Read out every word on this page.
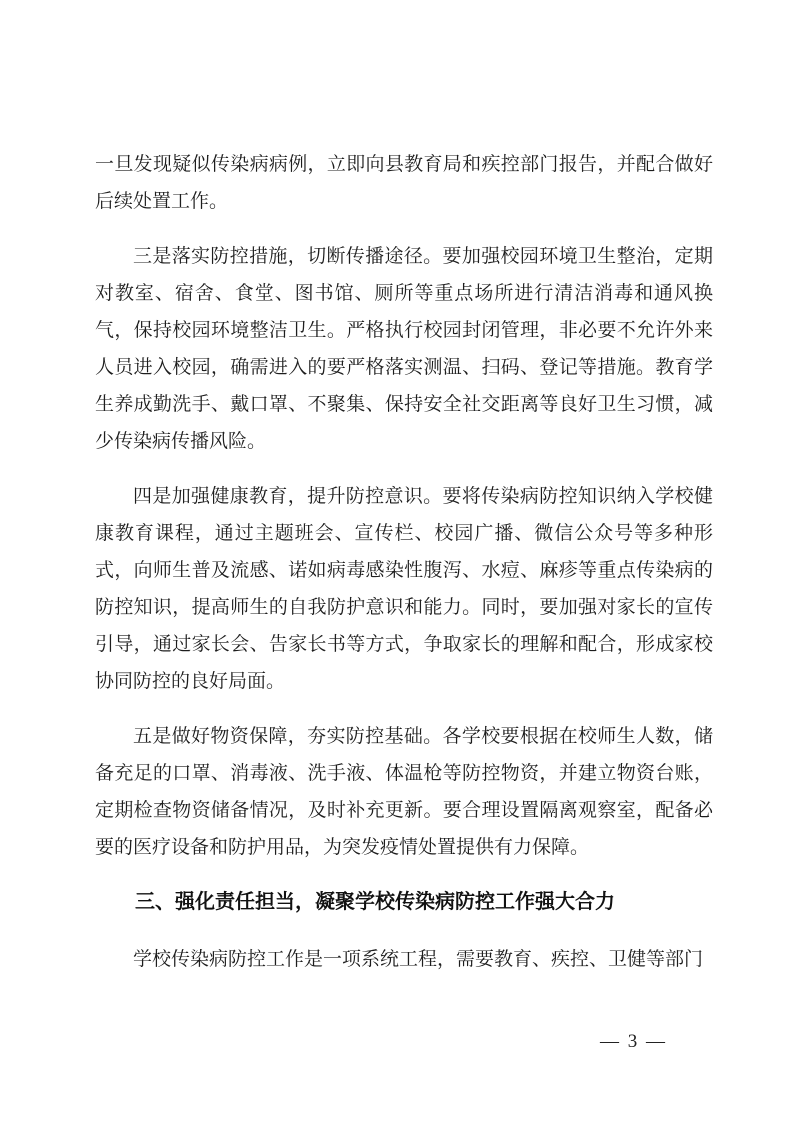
一旦发现疑似传染病病例，立即向县教育局和疾控部门报告，并配合做好后续处置工作。

三是落实防控措施，切断传播途径。要加强校园环境卫生整治，定期对教室、宿舍、食堂、图书馆、厕所等重点场所进行清洁消毒和通风换气，保持校园环境整洁卫生。严格执行校园封闭管理，非必要不允许外来人员进入校园，确需进入的要严格落实测温、扫码、登记等措施。教育学生养成勤洗手、戴口罩、不聚集、保持安全社交距离等良好卫生习惯，减少传染病传播风险。

四是加强健康教育，提升防控意识。要将传染病防控知识纳入学校健康教育课程，通过主题班会、宣传栏、校园广播、微信公众号等多种形式，向师生普及流感、诺如病毒感染性腹泻、水痘、麻疹等重点传染病的防控知识，提高师生的自我防护意识和能力。同时，要加强对家长的宣传引导，通过家长会、告家长书等方式，争取家长的理解和配合，形成家校协同防控的良好局面。

五是做好物资保障，夯实防控基础。各学校要根据在校师生人数，储备充足的口罩、消毒液、洗手液、体温枪等防控物资，并建立物资台账，定期检查物资储备情况，及时补充更新。要合理设置隔离观察室，配备必要的医疗设备和防护用品，为突发疫情处置提供有力保障。

三、强化责任担当，凝聚学校传染病防控工作强大合力

学校传染病防控工作是一项系统工程，需要教育、疾控、卫健等部门

— 3 —
